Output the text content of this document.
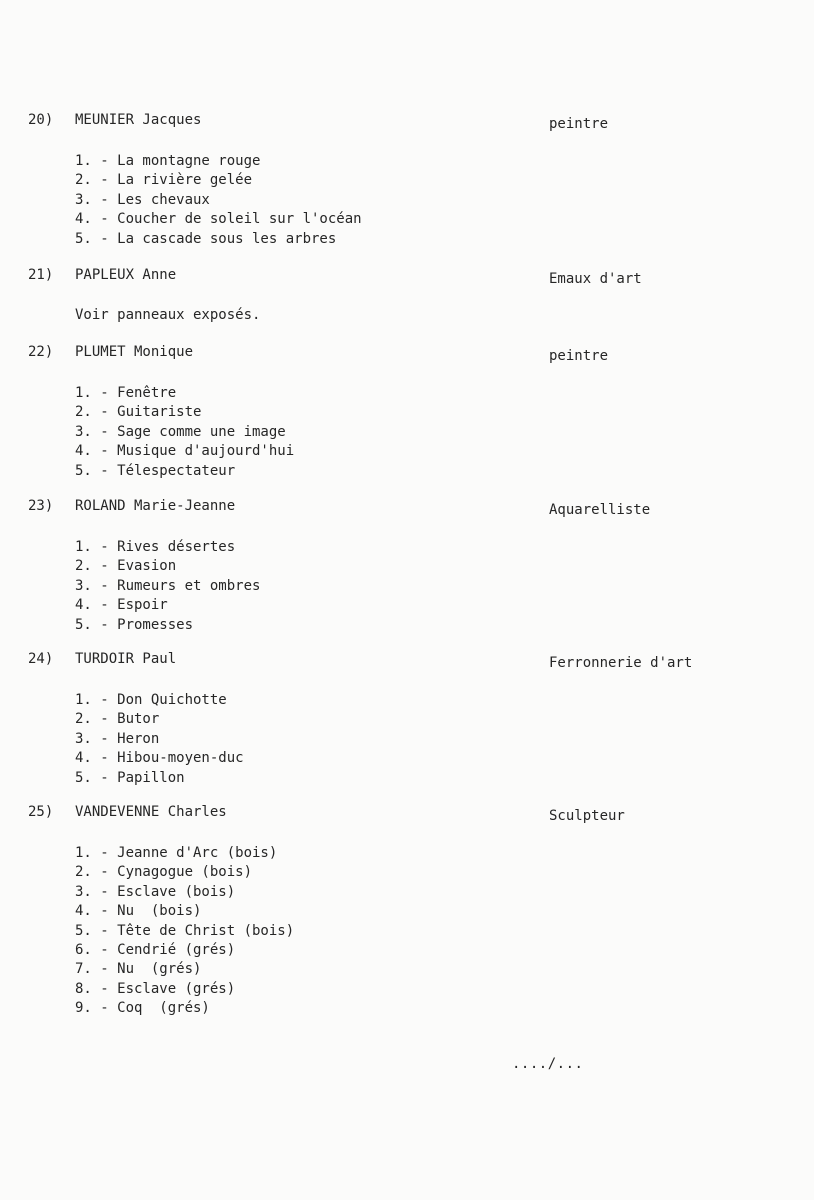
20) MEUNIER Jacques	peintre
1. - La montagne rouge
2. - La rivière gelée
3. - Les chevaux
4. - Coucher de soleil sur l'océan
5. - La cascade sous les arbres
21) PAPLEUX Anne	Emaux d'art
Voir panneaux exposés.
22) PLUMET Monique	peintre
1. - Fenêtre
2. - Guitariste
3. - Sage comme une image
4. - Musique d'aujourd'hui
5. - Télespectateur
23) ROLAND Marie-Jeanne	Aquarelliste
1. - Rives désertes
2. - Evasion
3. - Rumeurs et ombres
4. - Espoir
5. - Promesses
24) TURDOIR Paul	Ferronnerie d'art
1. - Don Quichotte
2. - Butor
3. - Heron
4. - Hibou-moyen-duc
5. - Papillon
25) VANDEVENNE Charles	Sculpteur
1. - Jeanne d'Arc (bois)
2. - Cynagogue (bois)
3. - Esclave (bois)
4. - Nu  (bois)
5. - Tête de Christ (bois)
6. - Cendrié (grés)
7. - Nu  (grés)
8. - Esclave (grés)
9. - Coq  (grés)
..../...
